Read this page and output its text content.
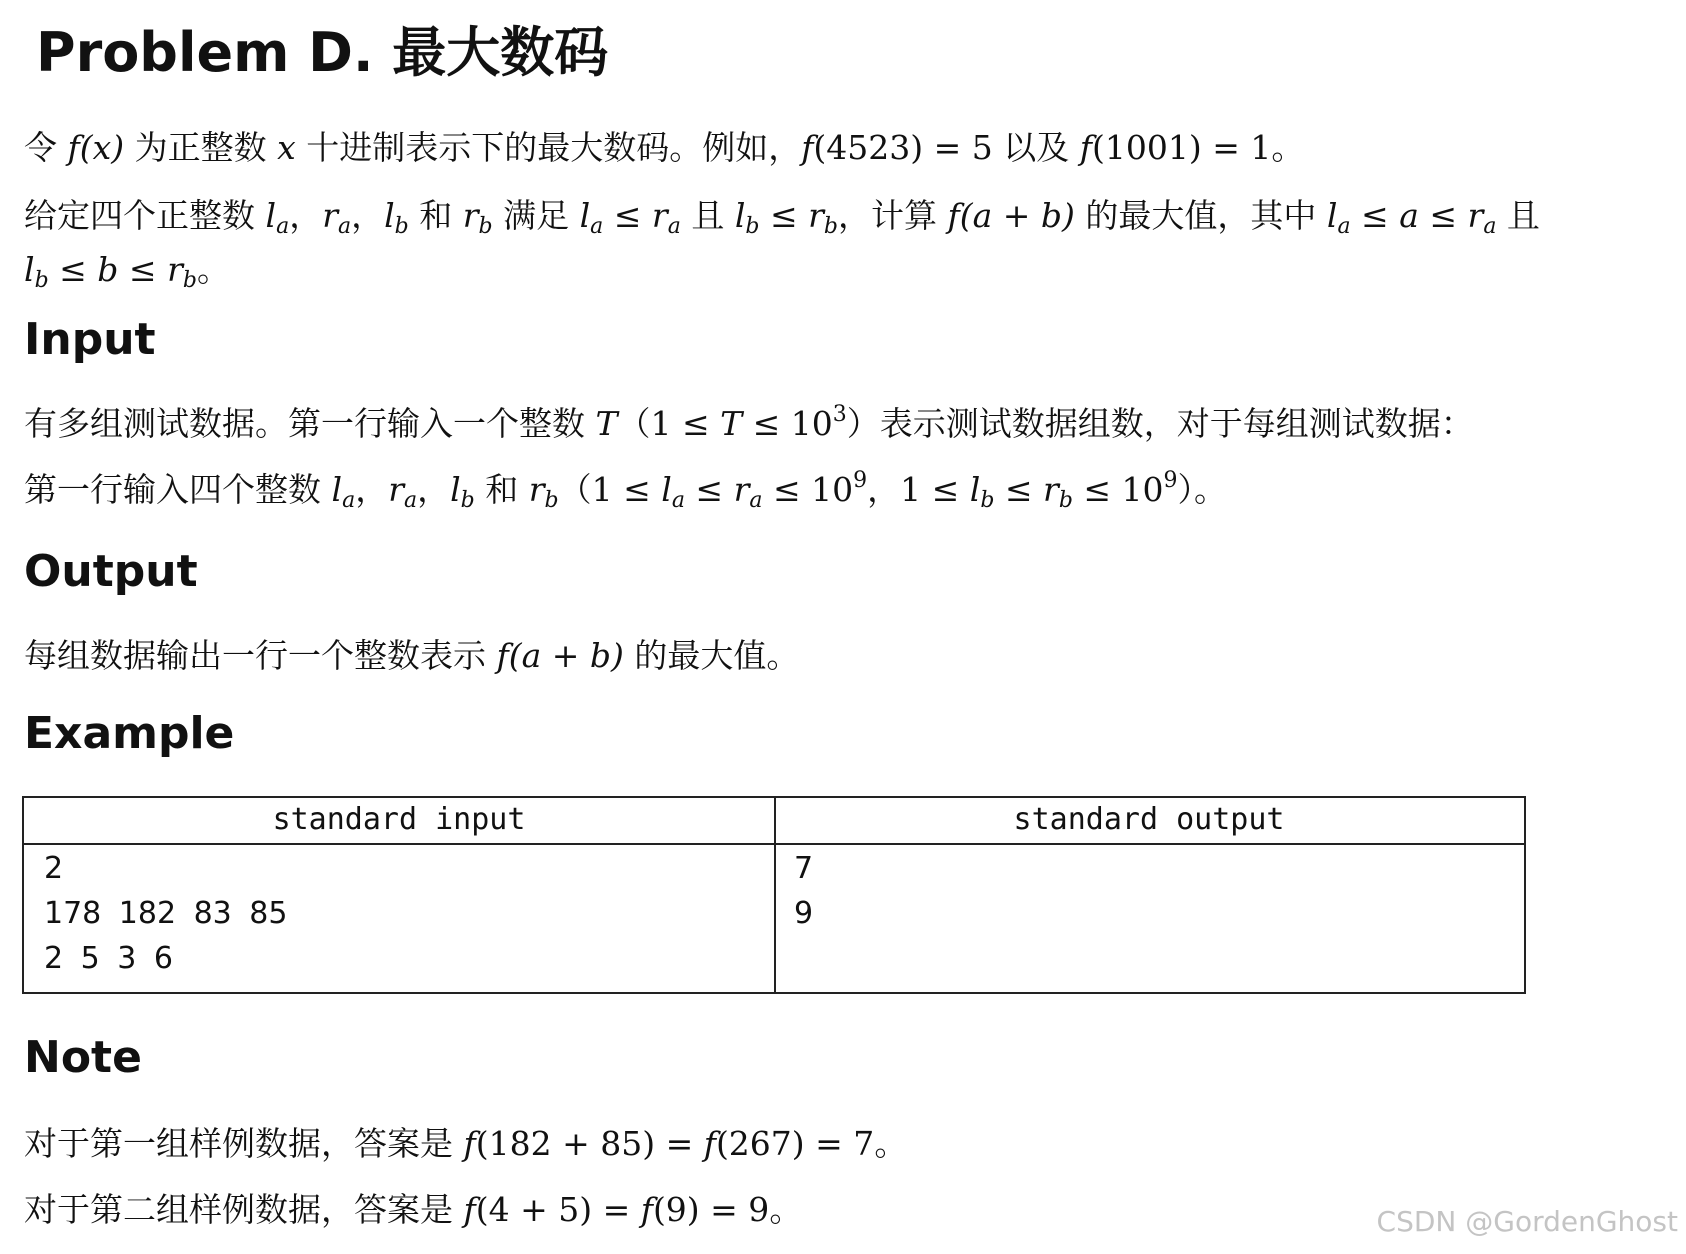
Problem D. 最大数码
令 f(x) 为正整数 x 十进制表示下的最大数码。例如，f(4523) = 5 以及 f(1001) = 1。
给定四个正整数 $l_a$，$r_a$，$l_b$ 和 $r_b$ 满足 $l_a \le r_a$ 且 $l_b \le r_b$，计算 f(a + b) 的最大值，其中 $l_a \le a \le r_a$ 且
$l_b \le b \le r_b$。
Input
有多组测试数据。第一行输入一个整数 $T(1 \le T \le 10^3)$表示测试数据组数，对于每组测试数据：
第一行输入四个整数 $l_a$，$r_a$，$l_b$ 和 $r_b(1 \le l_a \le r_a \le 10^9$，$1 \le l_b \le r_b \le 10^9$）。
Output
每组数据输出一行一个整数表示 f(a + b) 的最大值。
Example
standard input	standard output
2
178 182 83 85
2 5 3 6
7
9
Note
对于第一组样例数据，答案是 f(182 + 85) = f(267) = 7。
对于第二组样例数据，答案是 f(4 + 5) = f(9) = 9。	CSDN @GordenGhost
